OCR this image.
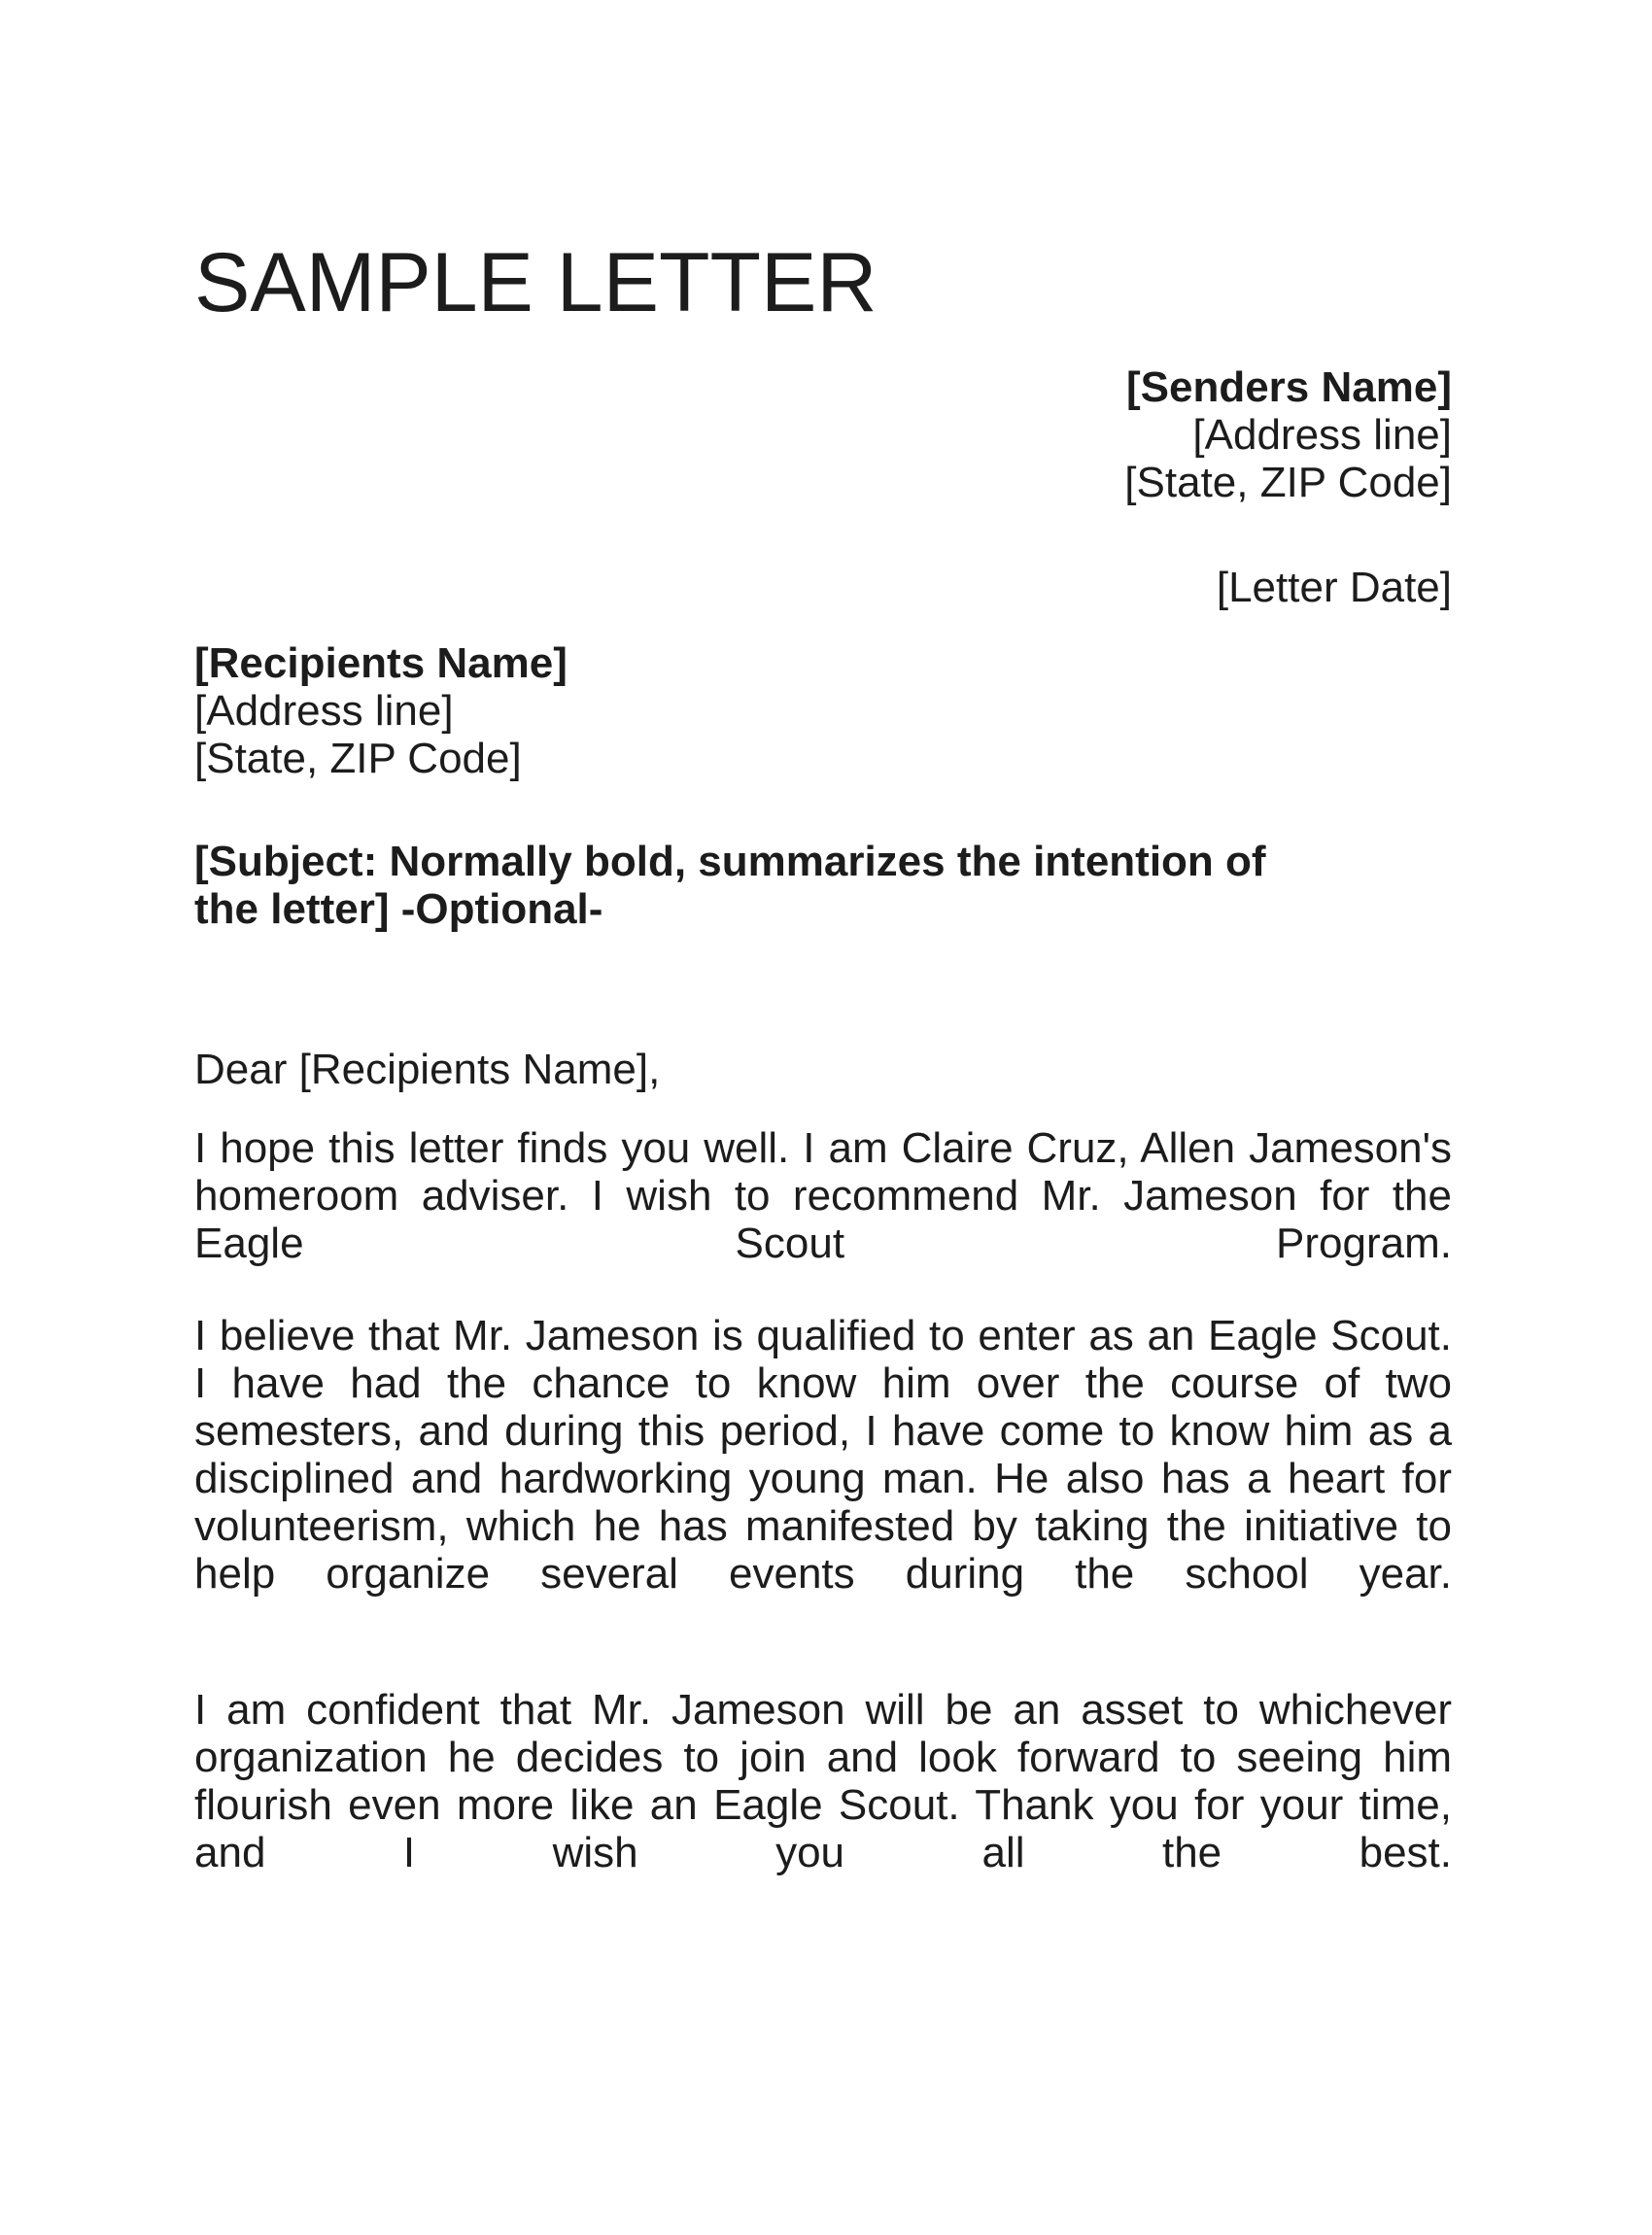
SAMPLE LETTER
[Senders Name]
[Address line]
[State, ZIP Code]
[Letter Date]
[Recipients Name]
[Address line]
[State, ZIP Code]
[Subject: Normally bold, summarizes the intention of
the letter] -Optional-
Dear [Recipients Name],

I hope this letter finds you well. I am Claire Cruz, Allen Jameson's homeroom adviser. I wish to recommend Mr. Jameson for the Eagle Scout Program.

I believe that Mr. Jameson is qualified to enter as an Eagle Scout. I have had the chance to know him over the course of two semesters, and during this period, I have come to know him as a disciplined and hardworking young man. He also has a heart for volunteerism, which he has manifested by taking the initiative to help organize several events during the school year.

I am confident that Mr. Jameson will be an asset to whichever organization he decides to join and look forward to seeing him flourish even more like an Eagle Scout. Thank you for your time, and I wish you all the best.
